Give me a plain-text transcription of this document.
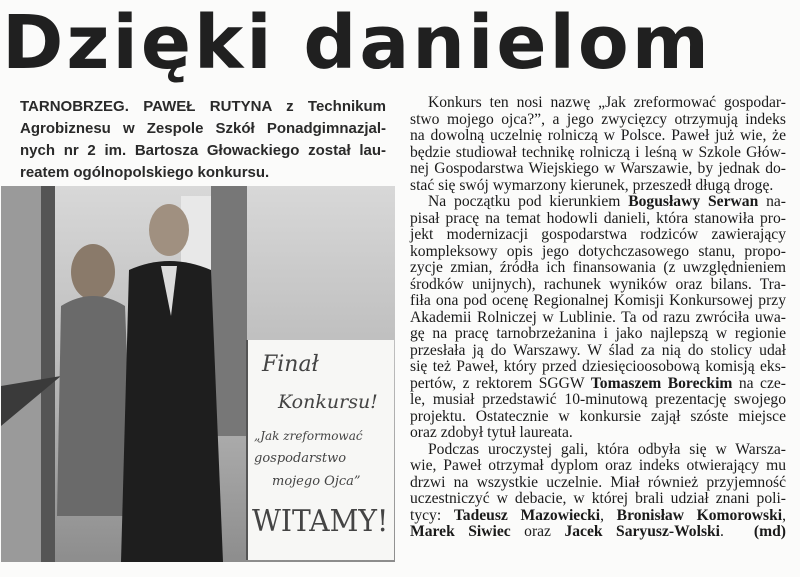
Dzięki danielom
TARNOBRZEG. PAWEŁ RUTYNA z Technikum
Agrobiznesu w Zespole Szkół Ponadgimnazjal-
nych nr 2 im. Bartosza Głowackiego został lau-
reatem ogólnopolskiego konkursu.
Finał
Konkursu!
„Jak zreformować
gospodarstwo
mojego Ojca”
WITAMY!
Konkurs ten nosi nazwę „Jak zreformować gospodar-
stwo mojego ojca?”, a jego zwycięzcy otrzymują indeks
na dowolną uczelnię rolniczą w Polsce. Paweł już wie, że
będzie studiował technikę rolniczą i leśną w Szkole Głów-
nej Gospodarstwa Wiejskiego w Warszawie, by jednak do-
stać się swój wymarzony kierunek, przeszedł długą drogę.
Na początku pod kierunkiem Bogusławy Serwan na-
pisał pracę na temat hodowli danieli, która stanowiła pro-
jekt modernizacji gospodarstwa rodziców zawierający
kompleksowy opis jego dotychczasowego stanu, propo-
zycje zmian, źródła ich finansowania (z uwzględnieniem
środków unijnych), rachunek wyników oraz bilans. Tra-
fiła ona pod ocenę Regionalnej Komisji Konkursowej przy
Akademii Rolniczej w Lublinie. Ta od razu zwróciła uwa-
gę na pracę tarnobrzeżanina i jako najlepszą w regionie
przesłała ją do Warszawy. W ślad za nią do stolicy udał
się też Paweł, który przed dziesięcioosobową komisją eks-
pertów, z rektorem SGGW Tomaszem Boreckim na cze-
le, musiał przedstawić 10-minutową prezentację swojego
projektu. Ostatecznie w konkursie zajął szóste miejsce
oraz zdobył tytuł laureata.
Podczas uroczystej gali, która odbyła się w Warsza-
wie, Paweł otrzymał dyplom oraz indeks otwierający mu
drzwi na wszystkie uczelnie. Miał również przyjemność
uczestniczyć w debacie, w której brali udział znani poli-
tycy: Tadeusz Mazowiecki, Bronisław Komorowski,
Marek Siwiec oraz Jacek Saryusz-Wolski. (md)
